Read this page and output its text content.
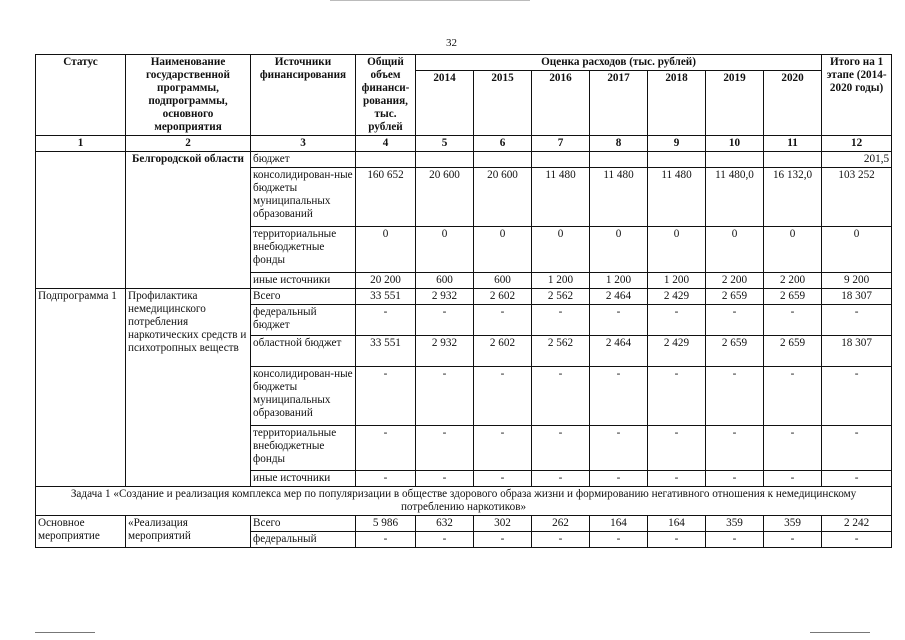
32
Статус	Наименование государственной программы, подпрограммы, основного мероприятия	Источники финансирования	Общий объем финанси-рования, тыс. рублей	Оценка расходов (тыс. рублей)							Итого на 1 этапе (2014-2020 годы)
				2014	2015	2016	2017	2018	2019	2020	
1	2	3	4	5	6	7	8	9	10	11	12
	Белгородской области	бюджет									201,5
		консолидирован-ные бюджеты муниципальных образований	160 652	20 600	20 600	11 480	11 480	11 480	11 480,0	16 132,0	103 252
		территориальные внебюджетные фонды	0	0	0	0	0	0	0	0	0
		иные источники	20 200	600	600	1 200	1 200	1 200	2 200	2 200	9 200
Подпрограмма 1	Профилактика немедицинского потребления наркотических средств и психотропных веществ	Всего	33 551	2 932	2 602	2 562	2 464	2 429	2 659	2 659	18 307
		федеральный бюджет	-	-	-	-	-	-	-	-	-
		областной бюджет	33 551	2 932	2 602	2 562	2 464	2 429	2 659	2 659	18 307
		консолидирован-ные бюджеты муниципальных образований	-	-	-	-	-	-	-	-	-
		территориальные внебюджетные фонды	-	-	-	-	-	-	-	-	-
		иные источники	-	-	-	-	-	-	-	-	-
Задача 1 «Создание и реализация комплекса мер по популяризации в обществе здорового образа жизни и формированию негативного отношения к немедицинскому потреблению наркотиков»											
Основное мероприятие	«Реализация мероприятий	Всего	5 986	632	302	262	164	164	359	359	2 242
		федеральный	-	-	-	-	-	-	-	-	-
